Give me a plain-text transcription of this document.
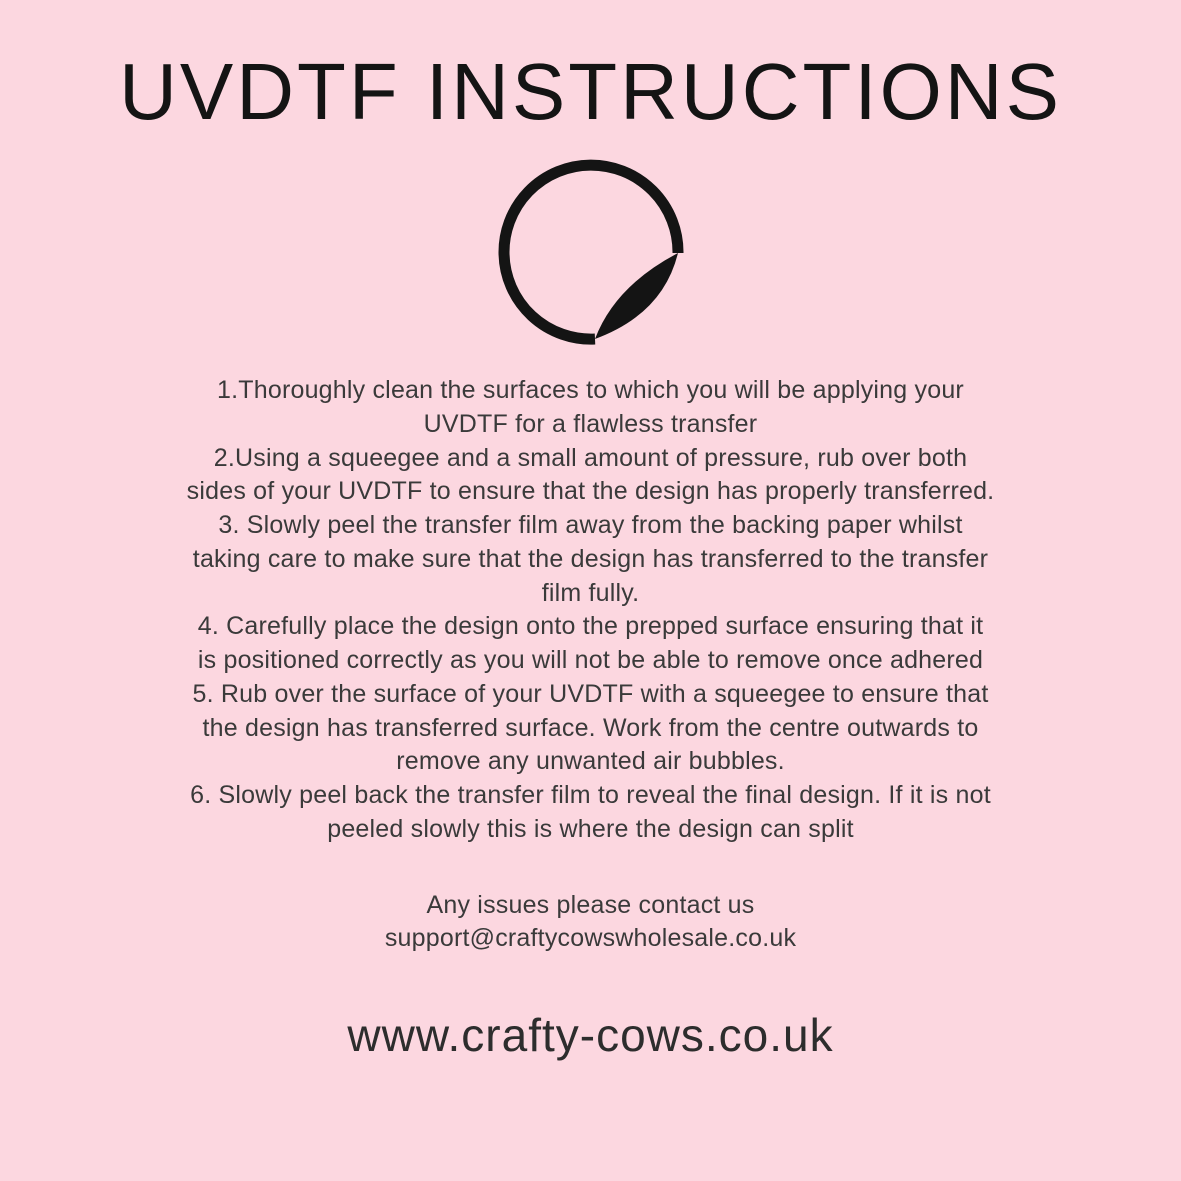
UVDTF INSTRUCTIONS

1.Thoroughly clean the surfaces to which you will be applying your UVDTF for a flawless transfer

2.Using a squeegee and a small amount of pressure, rub over both sides of your UVDTF to ensure that the design has properly transferred.

3. Slowly peel the transfer film away from the backing paper whilst taking care to make sure that the design has transferred to the transfer film fully.

4. Carefully place the design onto the prepped surface ensuring that it is positioned correctly as you will not be able to remove once adhered

5. Rub over the surface of your UVDTF with a squeegee to ensure that the design has transferred surface. Work from the centre outwards to remove any unwanted air bubbles.

6. Slowly peel back the transfer film to reveal the final design. If it is not peeled slowly this is where the design can split

Any issues please contact us

support@craftycowswholesale.co.uk

www.crafty-cows.co.uk
